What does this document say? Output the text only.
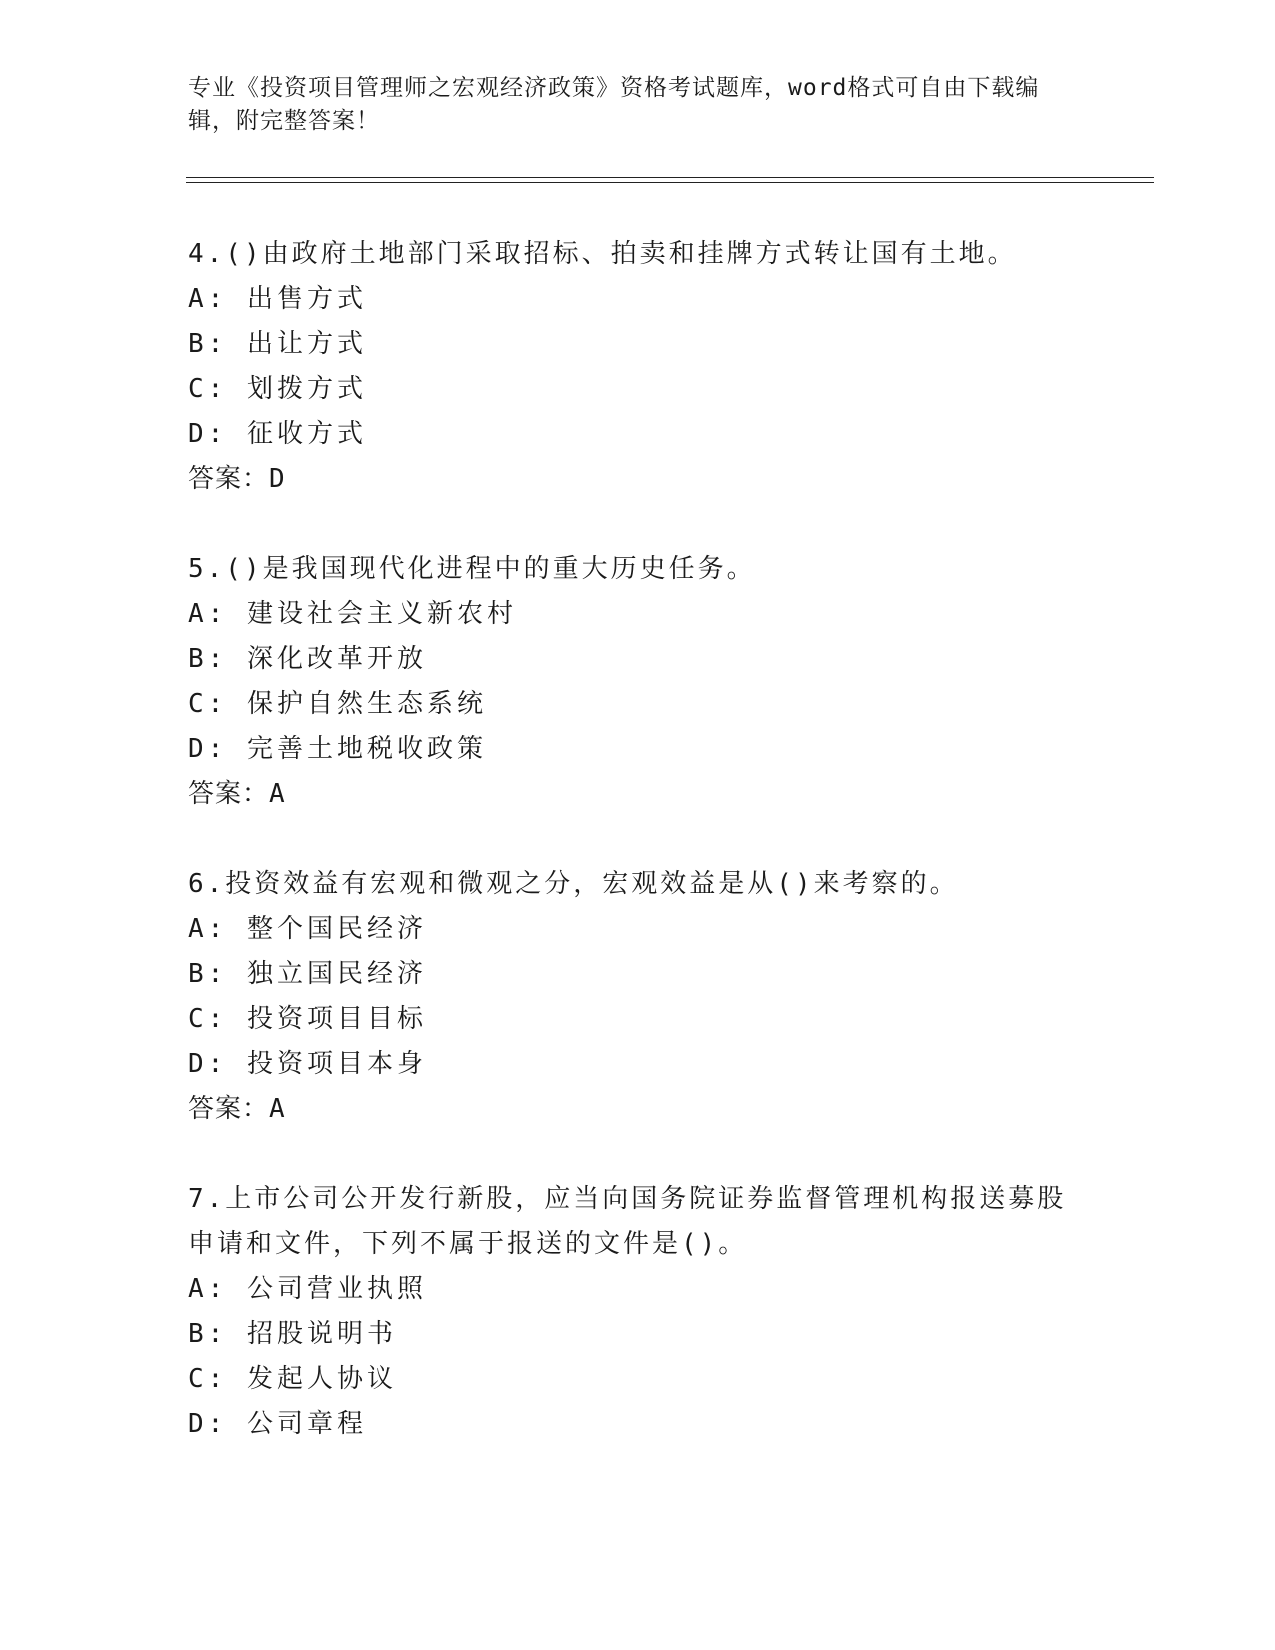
专业《投资项目管理师之宏观经济政策》资格考试题库，word格式可自由下载编辑，附完整答案！
4.()由政府土地部门采取招标、拍卖和挂牌方式转让国有土地。
A: 出售方式
B: 出让方式
C: 划拨方式
D: 征收方式
答案：D
5.()是我国现代化进程中的重大历史任务。
A: 建设社会主义新农村
B: 深化改革开放
C: 保护自然生态系统
D: 完善土地税收政策
答案：A
6.投资效益有宏观和微观之分，宏观效益是从()来考察的。
A: 整个国民经济
B: 独立国民经济
C: 投资项目目标
D: 投资项目本身
答案：A
7.上市公司公开发行新股，应当向国务院证券监督管理机构报送募股申请和文件，下列不属于报送的文件是()。
A: 公司营业执照
B: 招股说明书
C: 发起人协议
D: 公司章程
